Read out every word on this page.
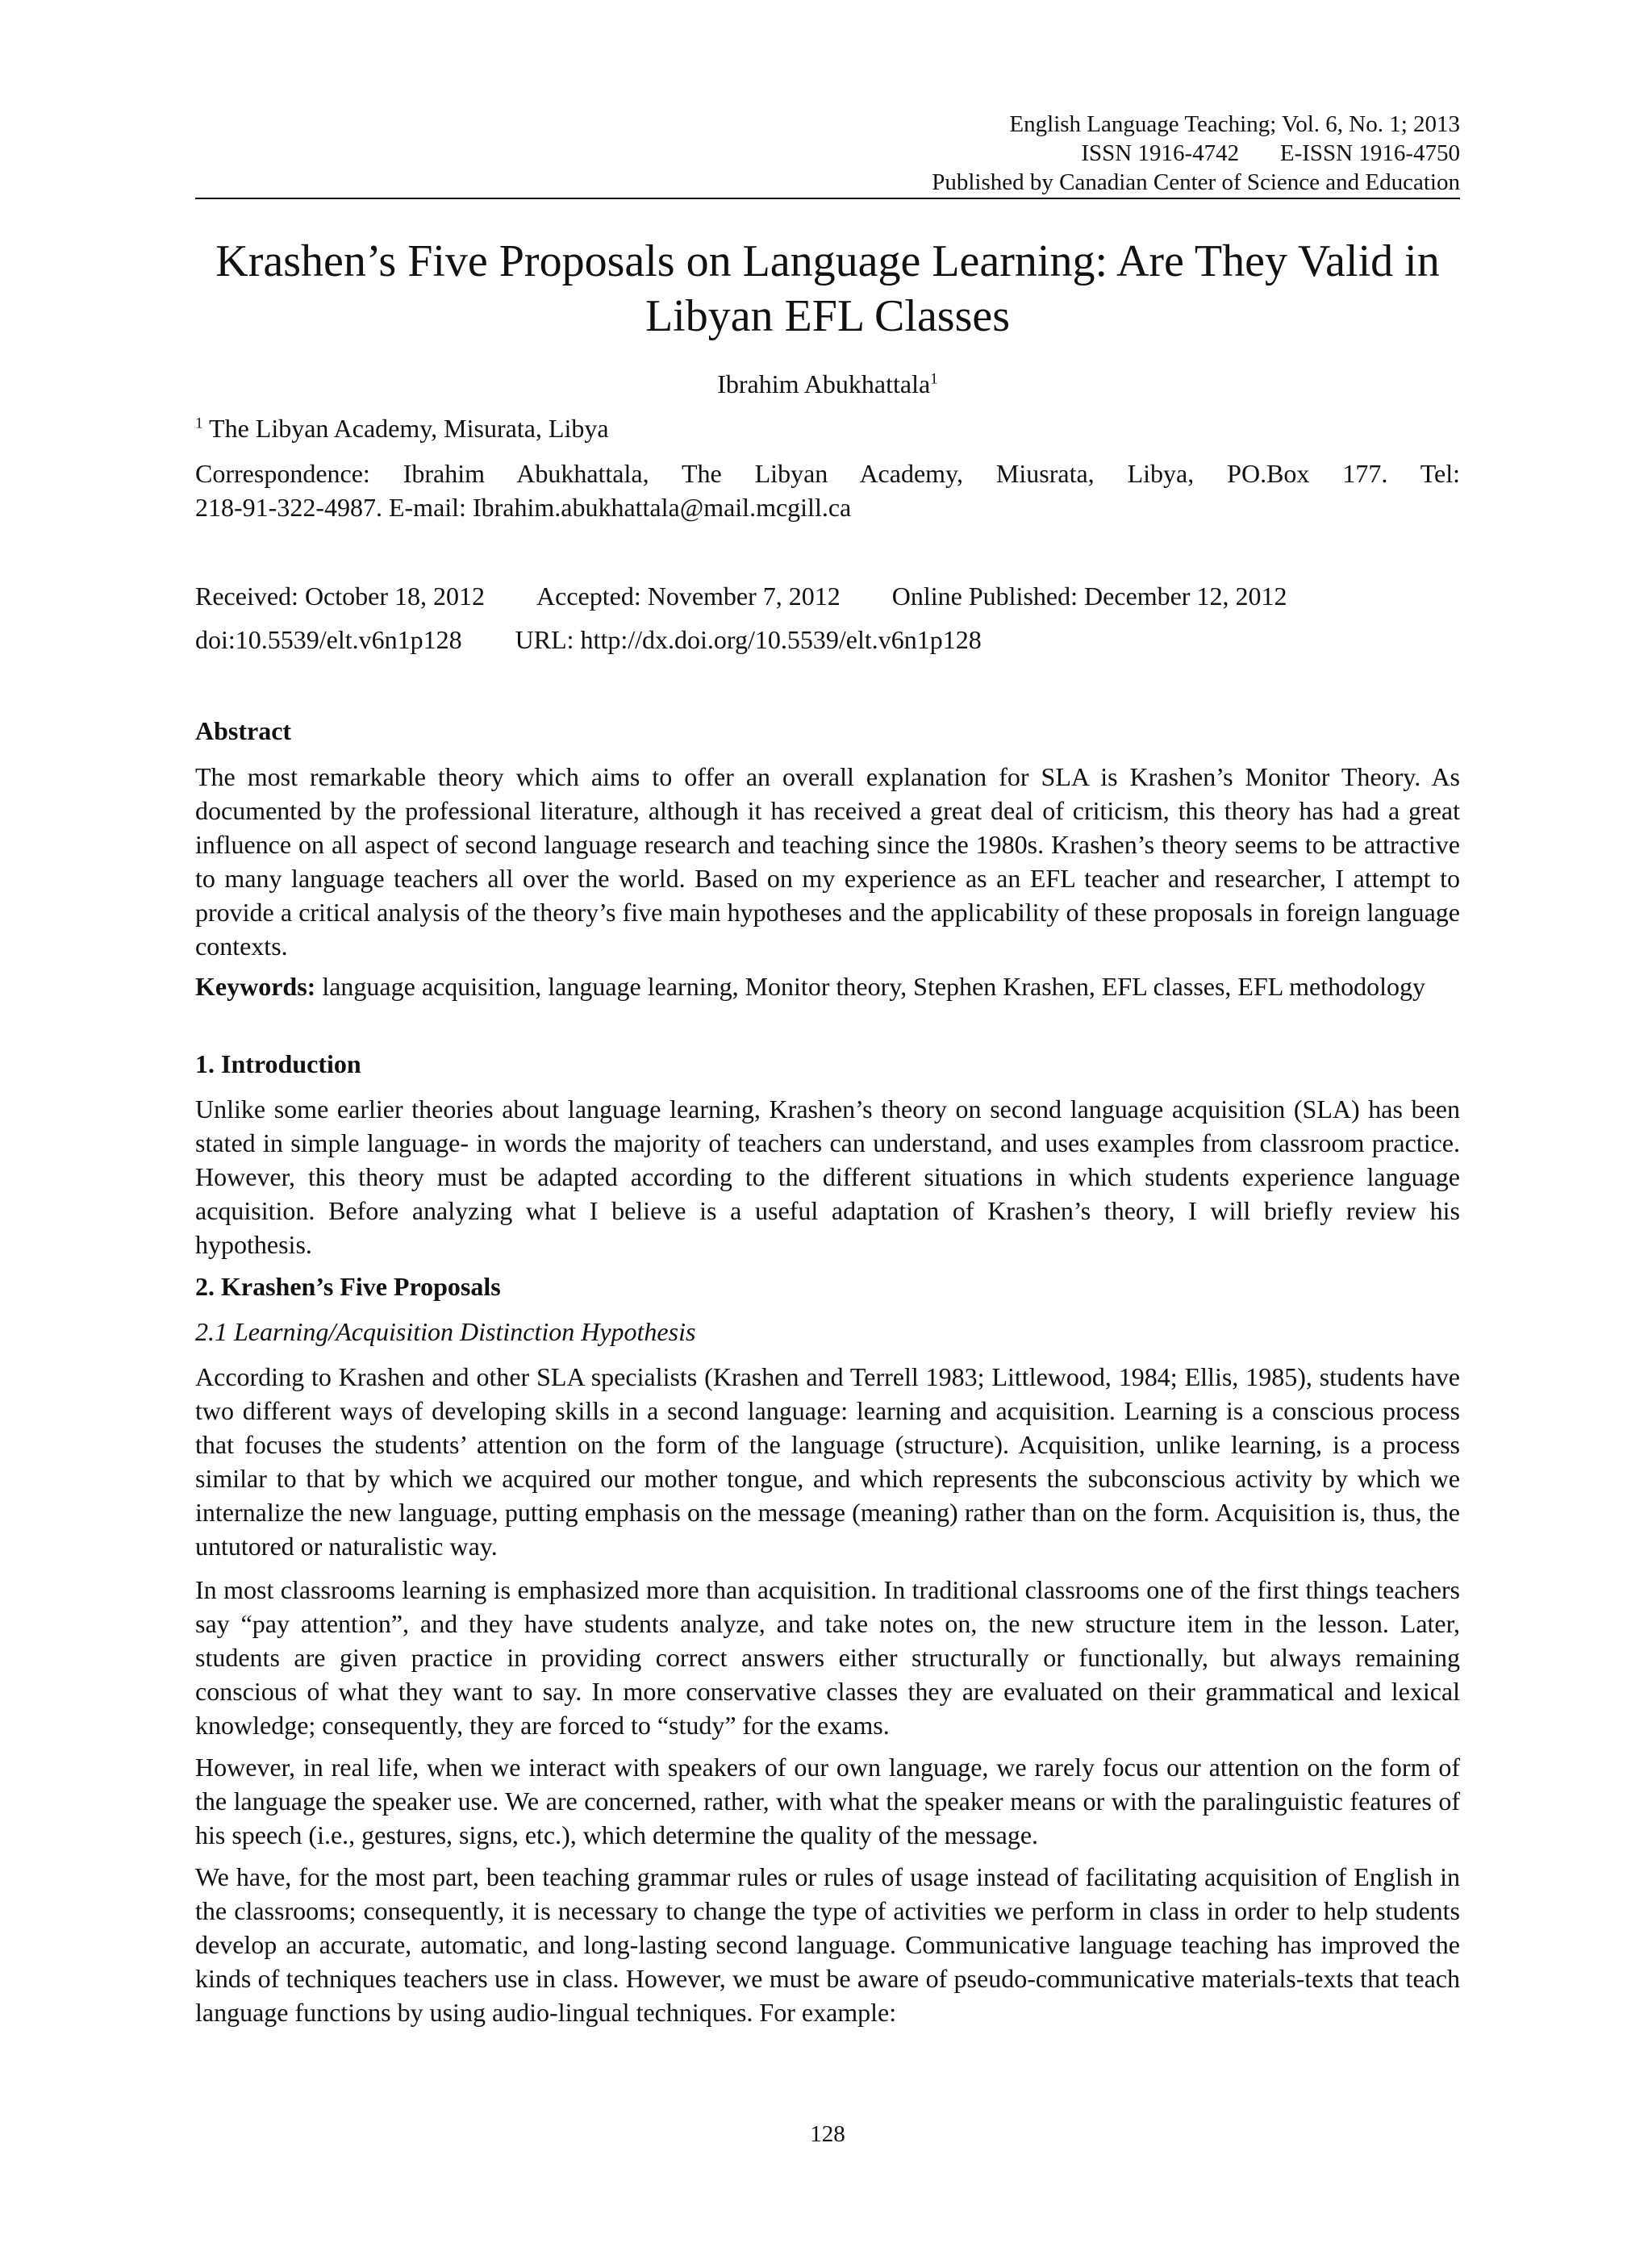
English Language Teaching; Vol. 6, No. 1; 2013
ISSN 1916-4742       E-ISSN 1916-4750
Published by Canadian Center of Science and Education
Krashen’s Five Proposals on Language Learning: Are They Valid in Libyan EFL Classes
Ibrahim Abukhattala$^1$
$^1$ The Libyan Academy, Misurata, Libya
Correspondence: Ibrahim Abukhattala, The Libyan Academy, Miusrata, Libya, PO.Box 177. Tel:
218-91-322-4987. E-mail: Ibrahim.abukhattala@mail.mcgill.ca
Received: October 18, 2012 Accepted: November 7, 2012 Online Published: December 12, 2012
doi:10.5539/elt.v6n1p128 URL: http://dx.doi.org/10.5539/elt.v6n1p128
Abstract
The most remarkable theory which aims to offer an overall explanation for SLA is Krashen’s Monitor Theory. As documented by the professional literature, although it has received a great deal of criticism, this theory has had a great influence on all aspect of second language research and teaching since the 1980s. Krashen’s theory seems to be attractive to many language teachers all over the world. Based on my experience as an EFL teacher and researcher, I attempt to provide a critical analysis of the theory’s five main hypotheses and the applicability of these proposals in foreign language contexts.
Keywords: language acquisition, language learning, Monitor theory, Stephen Krashen, EFL classes, EFL methodology
1. Introduction
Unlike some earlier theories about language learning, Krashen’s theory on second language acquisition (SLA) has been stated in simple language- in words the majority of teachers can understand, and uses examples from classroom practice. However, this theory must be adapted according to the different situations in which students experience language acquisition. Before analyzing what I believe is a useful adaptation of Krashen’s theory, I will briefly review his hypothesis.
2. Krashen’s Five Proposals
2.1 Learning/Acquisition Distinction Hypothesis
According to Krashen and other SLA specialists (Krashen and Terrell 1983; Littlewood, 1984; Ellis, 1985), students have two different ways of developing skills in a second language: learning and acquisition. Learning is a conscious process that focuses the students’ attention on the form of the language (structure). Acquisition, unlike learning, is a process similar to that by which we acquired our mother tongue, and which represents the subconscious activity by which we internalize the new language, putting emphasis on the message (meaning) rather than on the form. Acquisition is, thus, the untutored or naturalistic way.
In most classrooms learning is emphasized more than acquisition. In traditional classrooms one of the first things teachers say “pay attention”, and they have students analyze, and take notes on, the new structure item in the lesson. Later, students are given practice in providing correct answers either structurally or functionally, but always remaining conscious of what they want to say. In more conservative classes they are evaluated on their grammatical and lexical knowledge; consequently, they are forced to “study” for the exams.
However, in real life, when we interact with speakers of our own language, we rarely focus our attention on the form of the language the speaker use. We are concerned, rather, with what the speaker means or with the paralinguistic features of his speech (i.e., gestures, signs, etc.), which determine the quality of the message.
We have, for the most part, been teaching grammar rules or rules of usage instead of facilitating acquisition of English in the classrooms; consequently, it is necessary to change the type of activities we perform in class in order to help students develop an accurate, automatic, and long-lasting second language. Communicative language teaching has improved the kinds of techniques teachers use in class. However, we must be aware of pseudo-communicative materials-texts that teach language functions by using audio-lingual techniques. For example:
128
